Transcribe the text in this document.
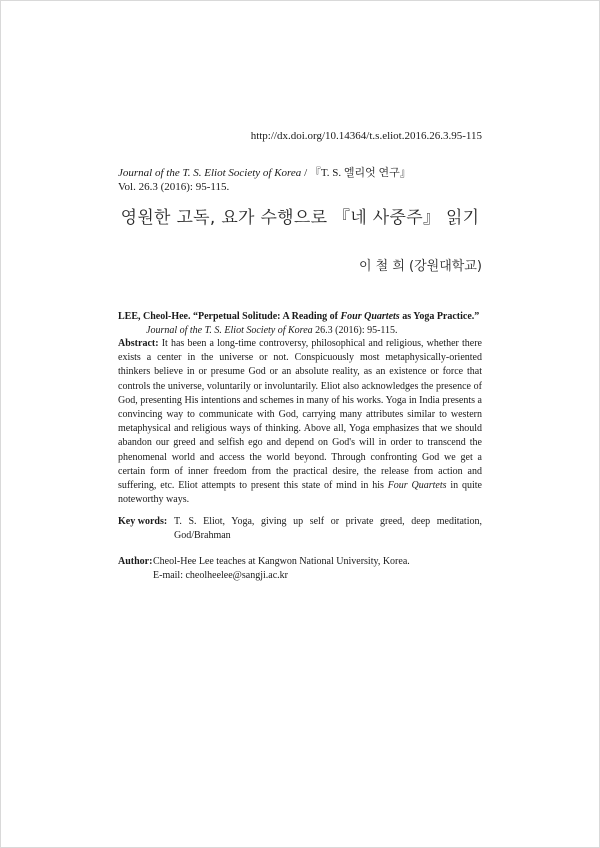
http://dx.doi.org/10.14364/t.s.eliot.2016.26.3.95-115
Journal of the T. S. Eliot Society of Korea / 『T. S. 엘리엇 연구』
Vol. 26.3 (2016): 95-115.
영원한 고독, 요가 수행으로 『네 사중주』 읽기
이 철 희 (강원대학교)
LEE, Cheol-Hee. “Perpetual Solitude: A Reading of Four Quartets as Yoga Practice.”
Journal of the T. S. Eliot Society of Korea 26.3 (2016): 95-115.
Abstract: It has been a long-time controversy, philosophical and religious, whether there exists a center in the universe or not. Conspicuously most metaphysically-oriented thinkers believe in or presume God or an absolute reality, as an existence or force that controls the universe, voluntarily or involuntarily. Eliot also acknowledges the presence of God, presenting His intentions and schemes in many of his works. Yoga in India presents a convincing way to communicate with God, carrying many attributes similar to western metaphysical and religious ways of thinking. Above all, Yoga emphasizes that we should abandon our greed and selfish ego and depend on God's will in order to transcend the phenomenal world and access the world beyond. Through confronting God we get a certain form of inner freedom from the practical desire, the release from action and suffering, etc. Eliot attempts to present this state of mind in his Four Quartets in quite noteworthy ways.
Key words: T. S. Eliot, Yoga, giving up self or private greed, deep meditation, God/Brahman
Author: Cheol-Hee Lee teaches at Kangwon National University, Korea.
E-mail: cheolheelee@sangji.ac.kr
